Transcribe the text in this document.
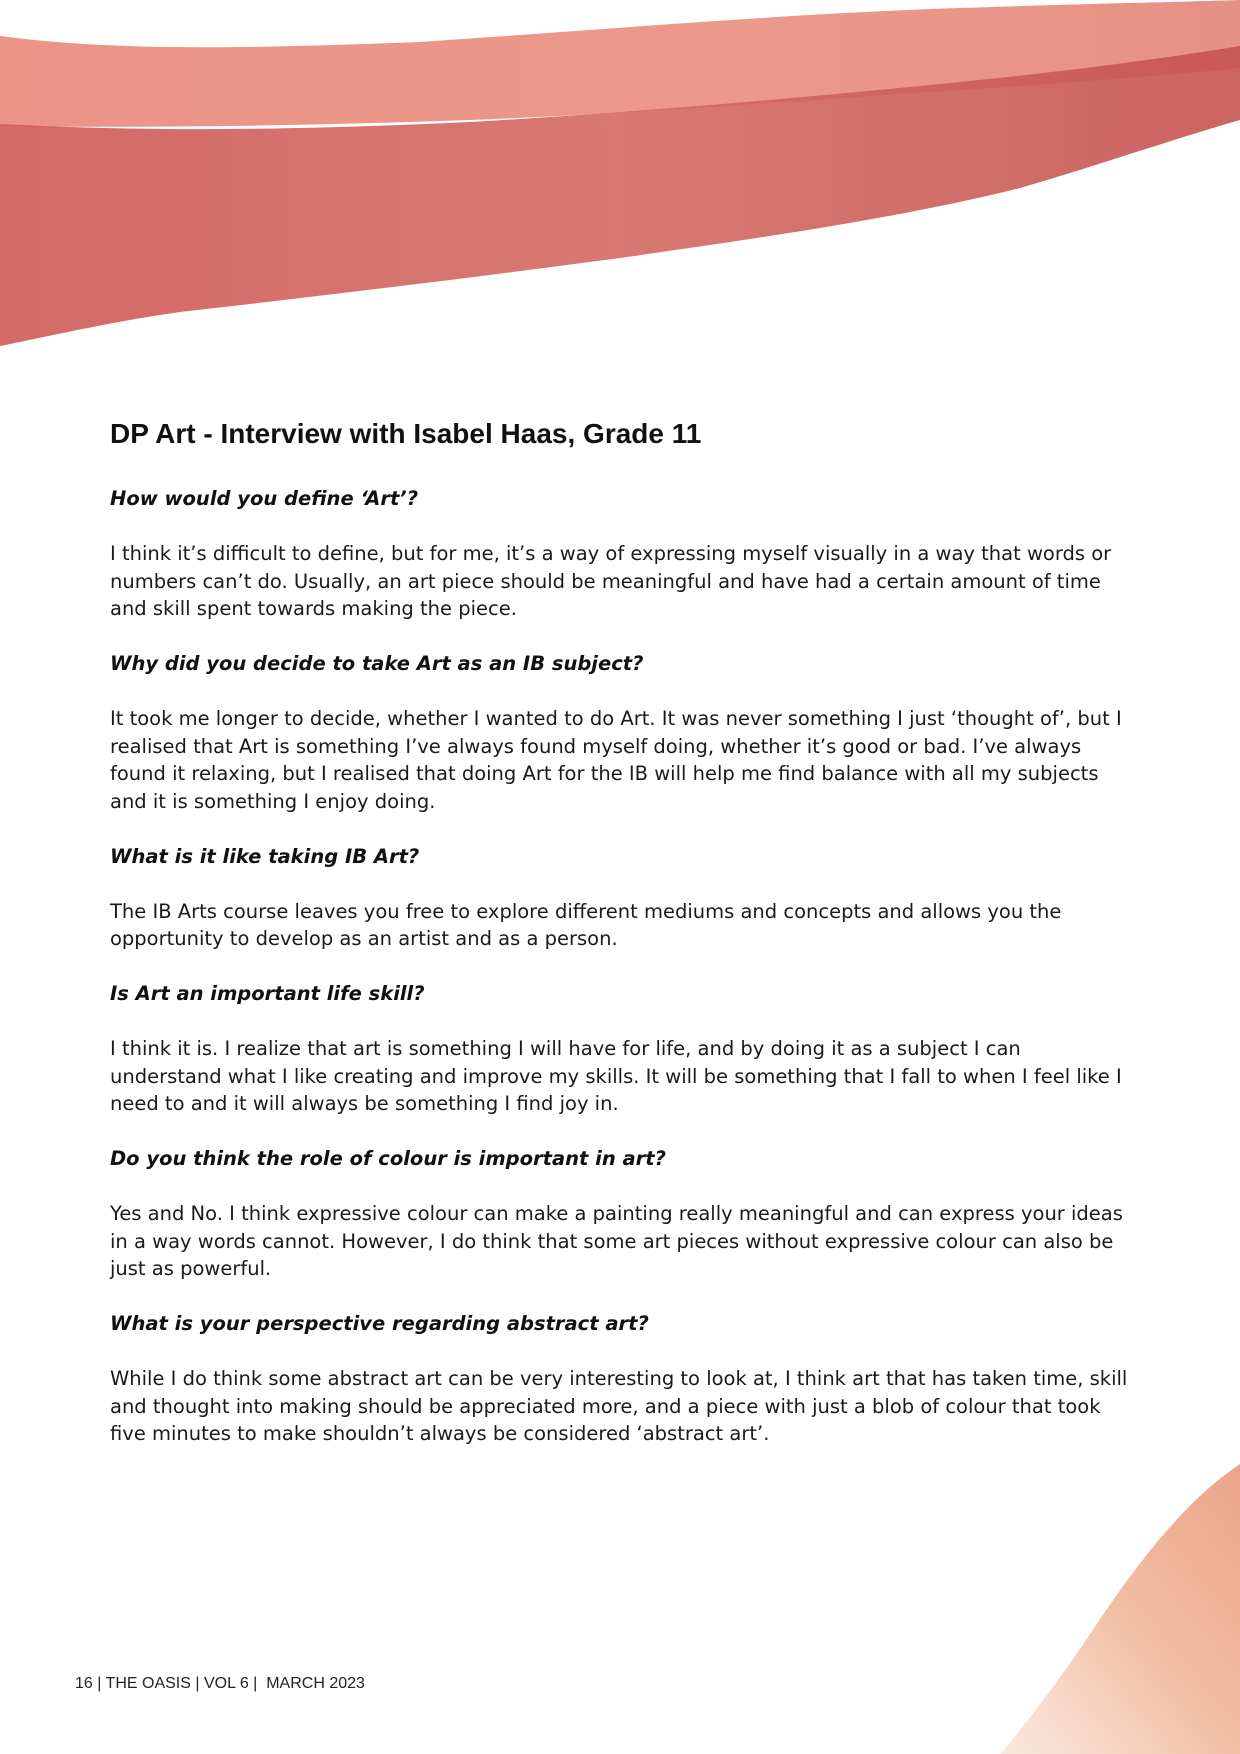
DP Art - Interview with Isabel Haas, Grade 11

How would you define ‘Art’?

I think it’s difficult to define, but for me, it’s a way of expressing myself visually in a way that words or numbers can’t do. Usually, an art piece should be meaningful and have had a certain amount of time and skill spent towards making the piece.

Why did you decide to take Art as an IB subject?

It took me longer to decide, whether I wanted to do Art. It was never something I just ‘thought of’, but I realised that Art is something I’ve always found myself doing, whether it’s good or bad. I’ve always found it relaxing, but I realised that doing Art for the IB will help me find balance with all my subjects and it is something I enjoy doing.

What is it like taking IB Art?

The IB Arts course leaves you free to explore different mediums and concepts and allows you the opportunity to develop as an artist and as a person.

Is Art an important life skill?

I think it is. I realize that art is something I will have for life, and by doing it as a subject I can understand what I like creating and improve my skills. It will be something that I fall to when I feel like I need to and it will always be something I find joy in.

Do you think the role of colour is important in art?

Yes and No. I think expressive colour can make a painting really meaningful and can express your ideas in a way words cannot. However, I do think that some art pieces without expressive colour can also be just as powerful.

What is your perspective regarding abstract art?

While I do think some abstract art can be very interesting to look at, I think art that has taken time, skill and thought into making should be appreciated more, and a piece with just a blob of colour that took five minutes to make shouldn’t always be considered ‘abstract art’.

16 | THE OASIS | VOL 6 |  MARCH 2023
